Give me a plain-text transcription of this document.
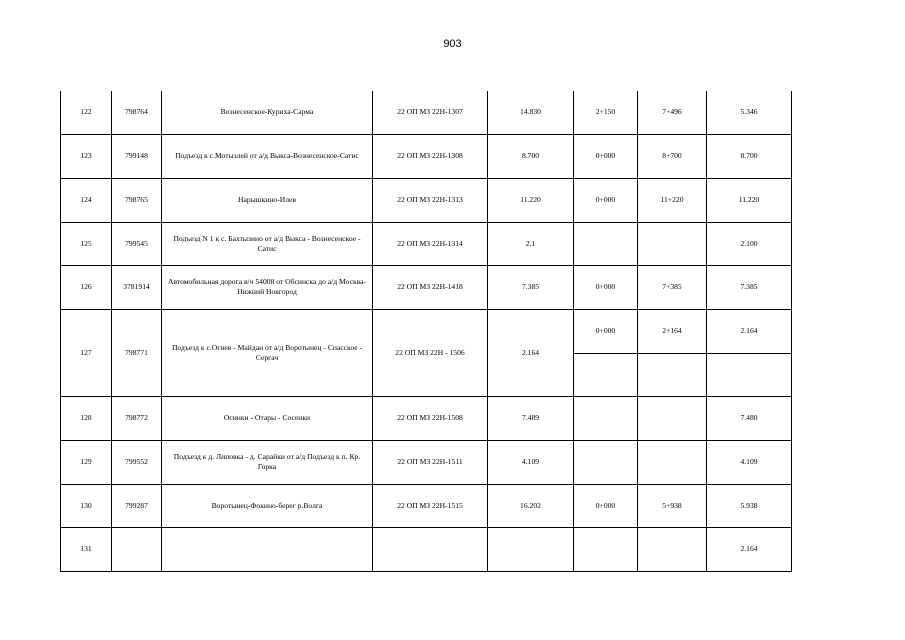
903
122	798764	Вознесенское-Куриха-Сарма	22 ОП МЗ 22Н-1307	14.830	2+150	7+496	5.346
123	799148	Подъезд к с.Мотызлей от а/д Выкса-Вознесенское-Сатис	22 ОП МЗ 22Н-1308	8.700	0+000	8+700	8.700
124	798765	Нарышкино-Илев	22 ОП МЗ 22Н-1313	11.220	0+000	11+220	11.220
125	799545	Подъезд N 1 к с. Бахтызино от а/д Выкса - Вознесенское - Сатис	22 ОП МЗ 22Н-1314	2.1			2.100
126	3781914	Автомобильная дорога в/ч 54008 от Обсинска до а/д Москва-Нижний Новгород	22 ОП МЗ 22Н-1418	7.385	0+000	7+385	7.385
127	798771	Подъезд к с.Огнев - Майдан от а/д Воротынец - Спасское - Сергач	22 ОП МЗ 22Н - 1506	2.164	0+000	2+164	2.164

128	798772	Осинки - Отары - Сосенки	22 ОП МЗ 22Н-1508	7.489			7.480
129	799552	Подъезд к д. Липовка - д. Сарайки от а/д Подъезд к п. Кр. Горка	22 ОП МЗ 22Н-1511	4.109			4.109
130	799287	Воротынец-Фокино-берег р.Волга	22 ОП МЗ 22Н-1515	16.202	0+000	5+938	5.938
131							2.164
